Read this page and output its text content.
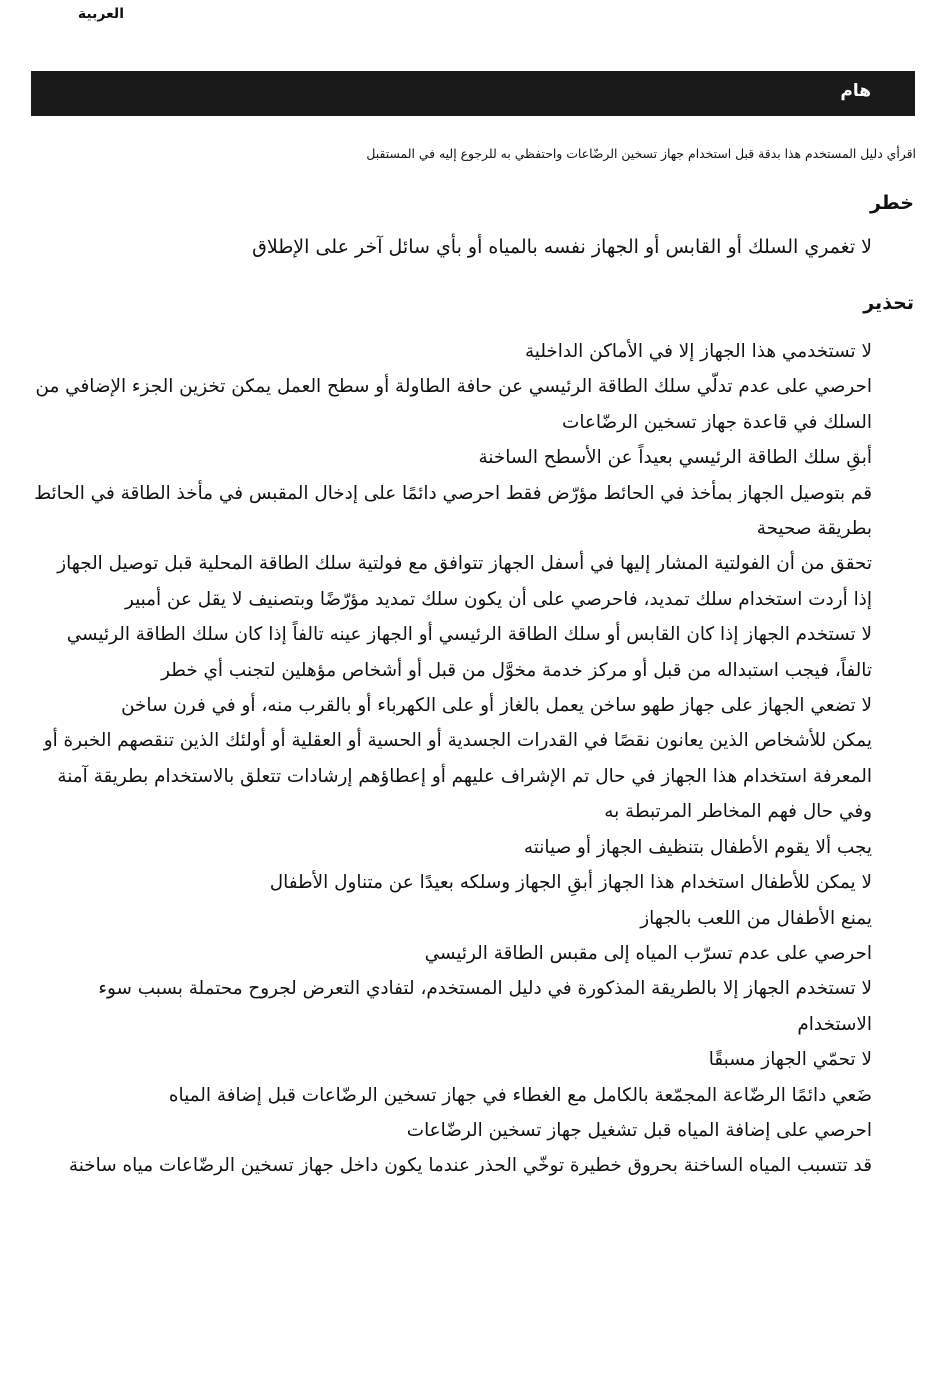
العربية
هام
اقرأي دليل المستخدم هذا بدقة قبل استخدام جهاز تسخين الرضّاعات واحتفظي به للرجوع إليه في المستقبل
خطر
لا تغمري السلك أو القابس أو الجهاز نفسه بالمياه أو بأي سائل آخر على الإطلاق
تحذير
لا تستخدمي هذا الجهاز إلا في الأماكن الداخلية
احرصي على عدم تدلّي سلك الطاقة الرئيسي عن حافة الطاولة أو سطح العمل يمكن تخزين الجزء الإضافي من السلك في قاعدة جهاز تسخين الرضّاعات
أبقِ سلك الطاقة الرئيسي بعيداً عن الأسطح الساخنة
قم بتوصيل الجهاز بمأخذ في الحائط مؤرّض فقط احرصي دائمًا على إدخال المقبس في مأخذ الطاقة في الحائط بطريقة صحيحة
تحقق من أن الفولتية المشار إليها في أسفل الجهاز تتوافق مع فولتية سلك الطاقة المحلية قبل توصيل الجهاز
إذا أردت استخدام سلك تمديد، فاحرصي على أن يكون سلك تمديد مؤرّضًا وبتصنيف لا يقل عن أمبير
لا تستخدم الجهاز إذا كان القابس أو سلك الطاقة الرئيسي أو الجهاز عينه تالفاً إذا كان سلك الطاقة الرئيسي تالفاً، فيجب استبداله من قبل أو مركز خدمة مخوَّل من قبل أو أشخاص مؤهلين لتجنب أي خطر
لا تضعي الجهاز على جهاز طهو ساخن يعمل بالغاز أو على الكهرباء أو بالقرب منه، أو في فرن ساخن
يمكن للأشخاص الذين يعانون نقصًا في القدرات الجسدية أو الحسية أو العقلية أو أولئك الذين تنقصهم الخبرة أو المعرفة استخدام هذا الجهاز في حال تم الإشراف عليهم أو إعطاؤهم إرشادات تتعلق بالاستخدام بطريقة آمنة وفي حال فهم المخاطر المرتبطة به
يجب ألا يقوم الأطفال بتنظيف الجهاز أو صيانته
لا يمكن للأطفال استخدام هذا الجهاز أبقِ الجهاز وسلكه بعيدًا عن متناول الأطفال
يمنع الأطفال من اللعب بالجهاز
احرصي على عدم تسرّب المياه إلى مقبس الطاقة الرئيسي
لا تستخدم الجهاز إلا بالطريقة المذكورة في دليل المستخدم، لتفادي التعرض لجروح محتملة بسبب سوء الاستخدام
لا تحمّي الجهاز مسبقًا
ضَعي دائمًا الرضّاعة المجمّعة بالكامل مع الغطاء في جهاز تسخين الرضّاعات قبل إضافة المياه
احرصي على إضافة المياه قبل تشغيل جهاز تسخين الرضّاعات
قد تتسبب المياه الساخنة بحروق خطيرة توخّي الحذر عندما يكون داخل جهاز تسخين الرضّاعات مياه ساخنة
